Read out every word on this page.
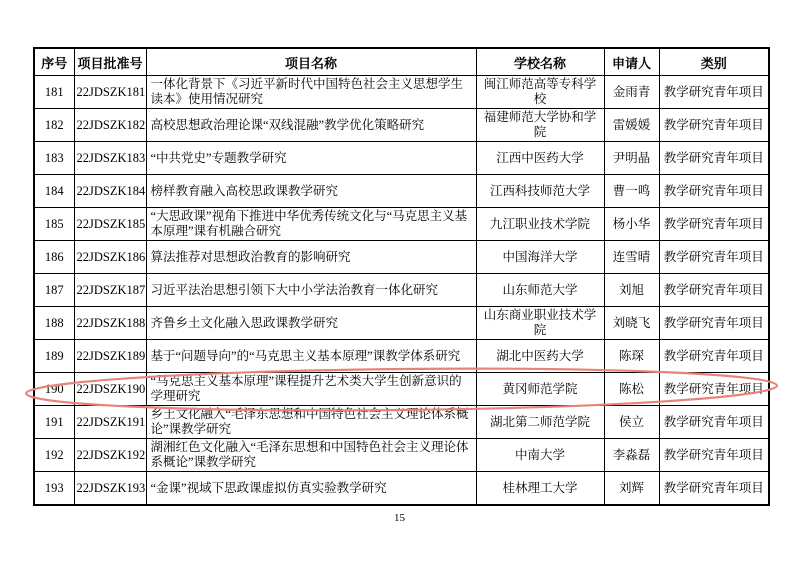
序号	项目批准号	项目名称	学校名称	申请人	类别
181	22JDSZK181	一体化背景下《习近平新时代中国特色社会主义思想学生读本》使用情况研究	闽江师范高等专科学校	金雨青	教学研究青年项目
182	22JDSZK182	高校思想政治理论课“双线混融”教学优化策略研究	福建师范大学协和学院	雷媛媛	教学研究青年项目
183	22JDSZK183	“中共党史”专题教学研究	江西中医药大学	尹明晶	教学研究青年项目
184	22JDSZK184	榜样教育融入高校思政课教学研究	江西科技师范大学	曹一鸣	教学研究青年项目
185	22JDSZK185	“大思政课”视角下推进中华优秀传统文化与“马克思主义基本原理”课有机融合研究	九江职业技术学院	杨小华	教学研究青年项目
186	22JDSZK186	算法推荐对思想政治教育的影响研究	中国海洋大学	连雪晴	教学研究青年项目
187	22JDSZK187	习近平法治思想引领下大中小学法治教育一体化研究	山东师范大学	刘旭	教学研究青年项目
188	22JDSZK188	齐鲁乡土文化融入思政课教学研究	山东商业职业技术学院	刘晓飞	教学研究青年项目
189	22JDSZK189	基于“问题导向”的“马克思主义基本原理”课教学体系研究	湖北中医药大学	陈琛	教学研究青年项目
190	22JDSZK190	“马克思主义基本原理”课程提升艺术类大学生创新意识的学理研究	黄冈师范学院	陈松	教学研究青年项目
191	22JDSZK191	乡土文化融入“毛泽东思想和中国特色社会主义理论体系概论”课教学研究	湖北第二师范学院	侯立	教学研究青年项目
192	22JDSZK192	湖湘红色文化融入“毛泽东思想和中国特色社会主义理论体系概论”课教学研究	中南大学	李淼磊	教学研究青年项目
193	22JDSZK193	“金课”视域下思政课虚拟仿真实验教学研究	桂林理工大学	刘辉	教学研究青年项目
15
